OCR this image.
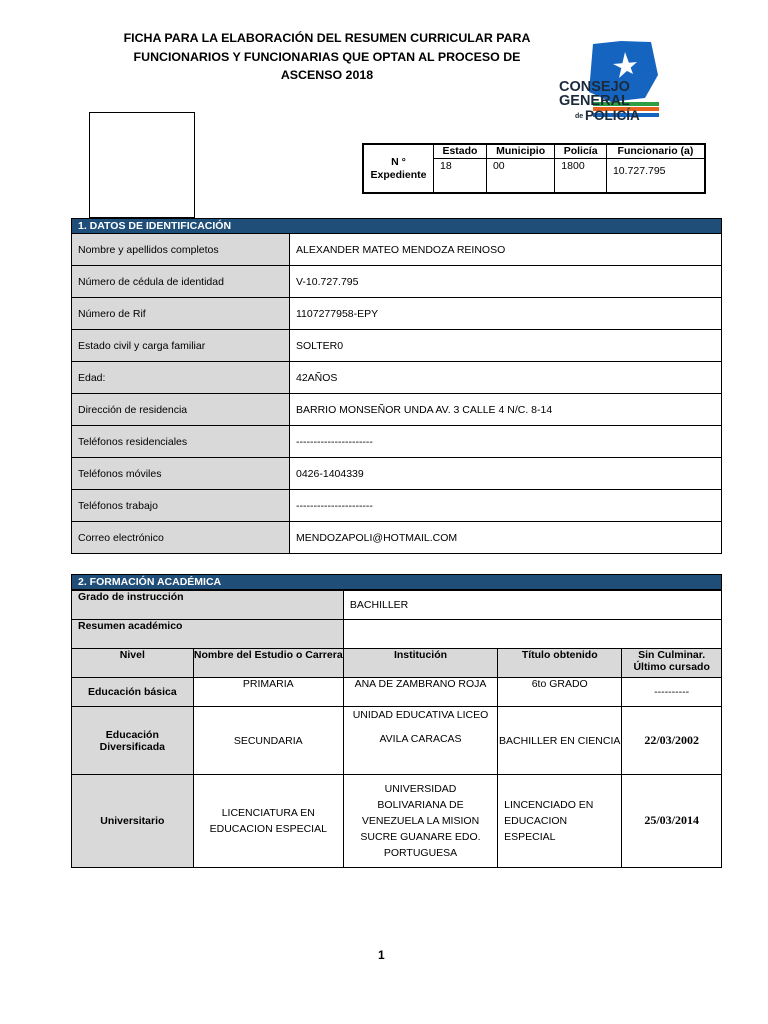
FICHA PARA LA ELABORACIÓN DEL RESUMEN CURRICULAR PARA
FUNCIONARIOS Y FUNCIONARIAS QUE OPTAN AL PROCESO DE
ASCENSO 2018
CONSEJO
GENERAL
de POLICÍA
N ° Expediente	Estado	Municipio	Policía	Funcionario (a)
	18	00	1800	10.727.795
1. DATOS DE IDENTIFICACIÓN
Nombre y apellidos completos	ALEXANDER MATEO MENDOZA REINOSO
Número de cédula de identidad	V-10.727.795
Número de Rif	1107277958-EPY
Estado civil y carga familiar	SOLTER0
Edad:	42AÑOS
Dirección de residencia	BARRIO MONSEÑOR UNDA AV. 3 CALLE 4 N/C. 8-14
Teléfonos residenciales	----------------------
Teléfonos móviles	0426-1404339
Teléfonos trabajo	----------------------
Correo electrónico	MENDOZAPOLI@HOTMAIL.COM
2. FORMACIÓN ACADÉMICA
Grado de instrucción		BACHILLER		
Resumen académico				
Nivel	Nombre del Estudio o Carrera	Institución	Título obtenido	Sin Culminar. Último cursado
Educación básica	PRIMARIA	ANA DE ZAMBRANO ROJA	6to GRADO	----------
Educación Diversificada	SECUNDARIA	UNIDAD EDUCATIVA LICEO
AVILA CARACAS	BACHILLER EN CIENCIA	22/03/2002
Universitario	LICENCIATURA EN EDUCACION ESPECIAL	UNIVERSIDAD BOLIVARIANA DE VENEZUELA LA MISION SUCRE GUANARE EDO. PORTUGUESA	LINCENCIADO EN EDUCACION ESPECIAL	25/03/2014
1
